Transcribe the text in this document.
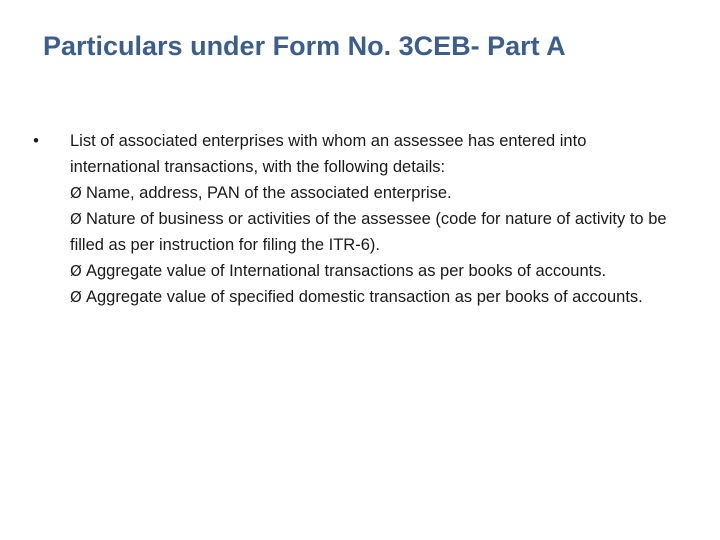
Particulars under Form No. 3CEB- Part A
• List of associated enterprises with whom an assessee has entered into international transactions, with the following details:
Ø Name, address, PAN of the associated enterprise.
Ø Nature of business or activities of the assessee (code for nature of activity to be filled as per instruction for filing the ITR-6).
Ø Aggregate value of International transactions as per books of accounts.
Ø Aggregate value of specified domestic transaction as per books of accounts.
